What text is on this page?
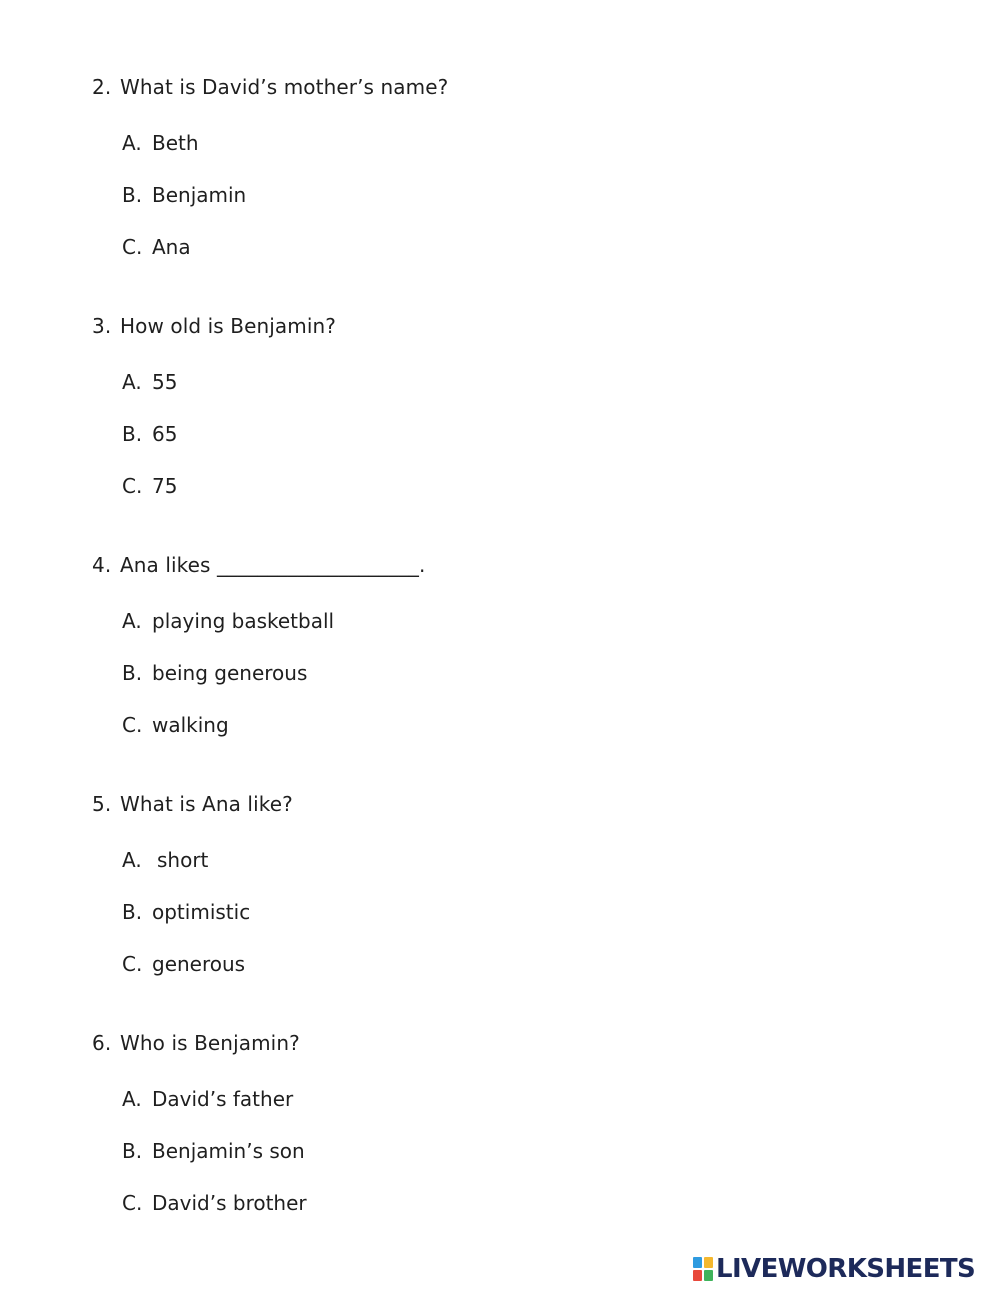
2. What is David’s mother’s name?
A. Beth
B. Benjamin
C. Ana
3. How old is Benjamin?
A. 55
B. 65
C. 75
4. Ana likes ____________________.
A. playing basketball
B. being generous
C. walking
5. What is Ana like?
A. short
B. optimistic
C. generous
6. Who is Benjamin?
A. David’s father
B. Benjamin’s son
C. David’s brother
LIVEWORKSHEETS
